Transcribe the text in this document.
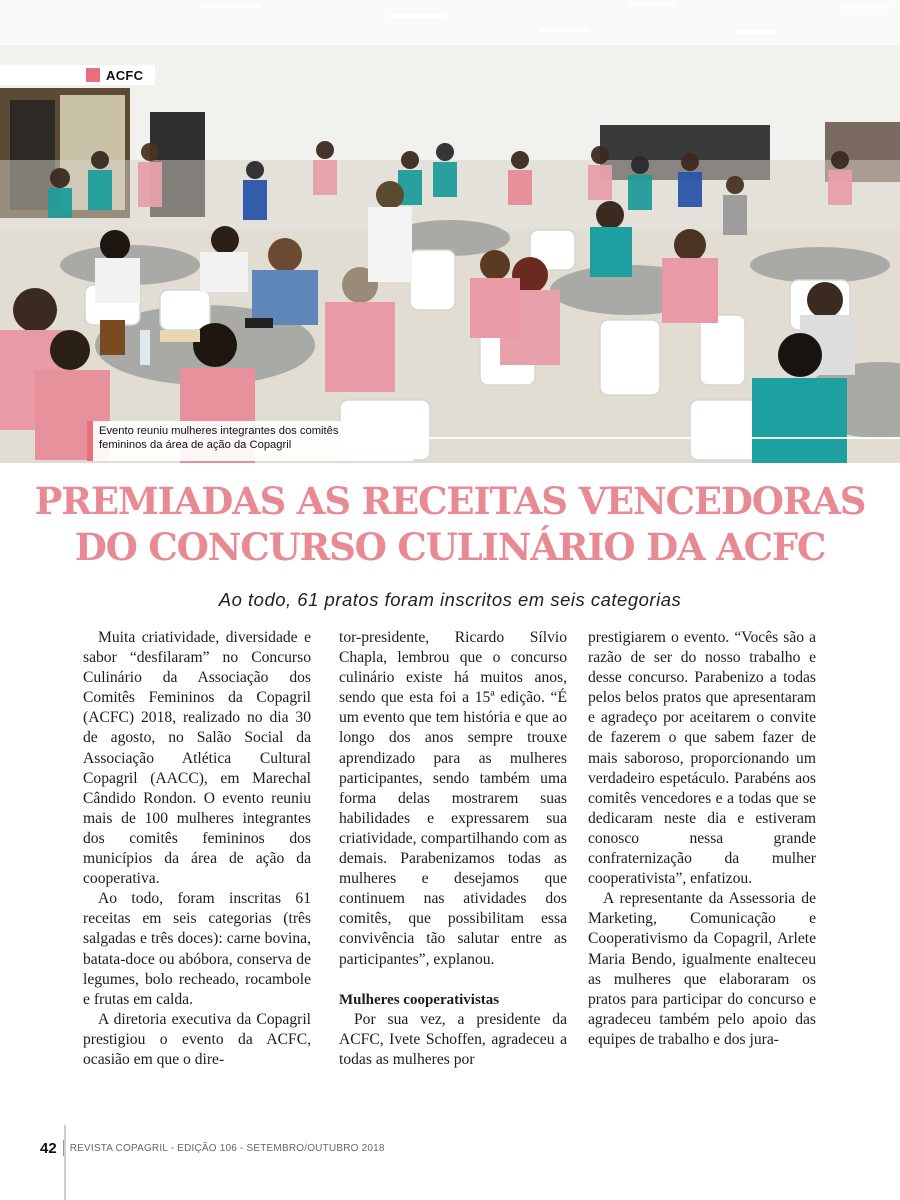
ACFC
Evento reuniu mulheres integrantes dos comitês
femininos da área de ação da Copagril
PREMIADAS AS RECEITAS VENCEDORAS
DO CONCURSO CULINÁRIO DA ACFC
Ao todo, 61 pratos foram inscritos em seis categorias

Muita criatividade, diversidade e sabor “desfilaram” no Concurso Culinário da Associação dos Comitês Femininos da Copagril (ACFC) 2018, realizado no dia 30 de agosto, no Salão Social da Associação Atlética Cultural Copagril (AACC), em Marechal Cândido Rondon. O evento reuniu mais de 100 mulheres integrantes dos comitês femininos dos municípios da área de ação da cooperativa.

Ao todo, foram inscritas 61 receitas em seis categorias (três salgadas e três doces): carne bovina, batata-doce ou abóbora, conserva de legumes, bolo recheado, rocambole e frutas em calda.

A diretoria executiva da Copagril prestigiou o evento da ACFC, ocasião em que o dire-

tor-presidente, Ricardo Sílvio Chapla, lembrou que o concurso culinário existe há muitos anos, sendo que esta foi a 15ª edição. “É um evento que tem história e que ao longo dos anos sempre trouxe aprendizado para as mulheres participantes, sendo também uma forma delas mostrarem suas habilidades e expressarem sua criatividade, compartilhando com as demais. Parabenizamos todas as mulheres e desejamos que continuem nas atividades dos comitês, que possibilitam essa convivência tão salutar entre as participantes”, explanou.

Mulheres cooperativistas

Por sua vez, a presidente da ACFC, Ivete Schoffen, agradeceu a todas as mulheres por

prestigiarem o evento. “Vocês são a razão de ser do nosso trabalho e desse concurso. Parabenizo a todas pelos belos pratos que apresentaram e agradeço por aceitarem o convite de fazerem o que sabem fazer de mais saboroso, proporcionando um verdadeiro espetáculo. Parabéns aos comitês vencedores e a todas que se dedicaram neste dia e estiveram conosco nessa grande confraternização da mulher cooperativista”, enfatizou.

A representante da Assessoria de Marketing, Comunicação e Cooperativismo da Copagril, Arlete Maria Bendo, igualmente enalteceu as mulheres que elaboraram os pratos para participar do concurso e agradeceu também pelo apoio das equipes de trabalho e dos jura-

42 REVISTA COPAGRIL - EDIÇÃO 106 - SETEMBRO/OUTUBRO 2018
